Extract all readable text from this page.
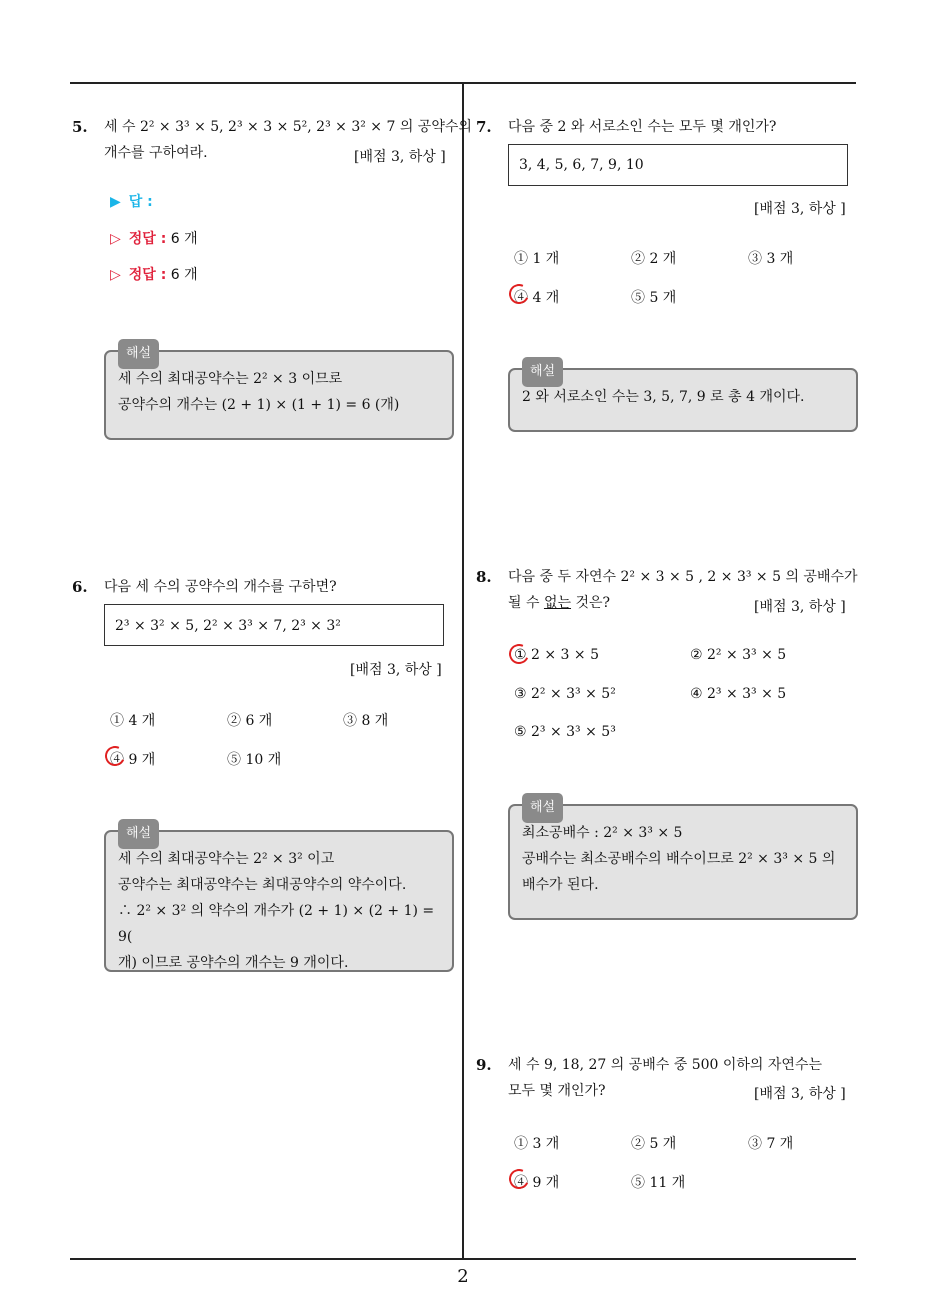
5. 세 수 2² × 3³ × 5, 2³ × 3 × 5², 2³ × 3² × 7 의 공약수의
개수를 구하여라.	[배점 3, 하상 ]
▶ 답 :
▷ 정답 : 6 개
▷ 정답 : 6 개
해설
세 수의 최대공약수는 2² × 3 이므로
공약수의 개수는 (2 + 1) × (1 + 1) = 6 (개)
6. 다음 세 수의 공약수의 개수를 구하면?
2³ × 3² × 5, 2² × 3³ × 7, 2³ × 3²
[배점 3, 하상 ]
① 4 개	② 6 개	③ 8 개
④ 9 개	⑤ 10 개
해설
세 수의 최대공약수는 2² × 3² 이고
공약수는 최대공약수는 최대공약수의 약수이다.
∴ 2² × 3² 의 약수의 개수가 (2 + 1) × (2 + 1) = 9(
개) 이므로 공약수의 개수는 9 개이다.
7. 다음 중 2 와 서로소인 수는 모두 몇 개인가?
3, 4, 5, 6, 7, 9, 10
[배점 3, 하상 ]
① 1 개	② 2 개	③ 3 개
④ 4 개	⑤ 5 개
해설
2 와 서로소인 수는 3, 5, 7, 9 로 총 4 개이다.
8. 다음 중 두 자연수 2² × 3 × 5 , 2 × 3³ × 5 의 공배수가
될 수 없는 것은?	[배점 3, 하상 ]
① 2 × 3 × 5	② 2² × 3³ × 5
③ 2² × 3³ × 5²	④ 2³ × 3³ × 5
⑤ 2³ × 3³ × 5³
해설
최소공배수 : 2² × 3³ × 5
공배수는 최소공배수의 배수이므로 2² × 3³ × 5 의
배수가 된다.
9. 세 수 9, 18, 27 의 공배수 중 500 이하의 자연수는
모두 몇 개인가?	[배점 3, 하상 ]
① 3 개	② 5 개	③ 7 개
④ 9 개	⑤ 11 개
2
